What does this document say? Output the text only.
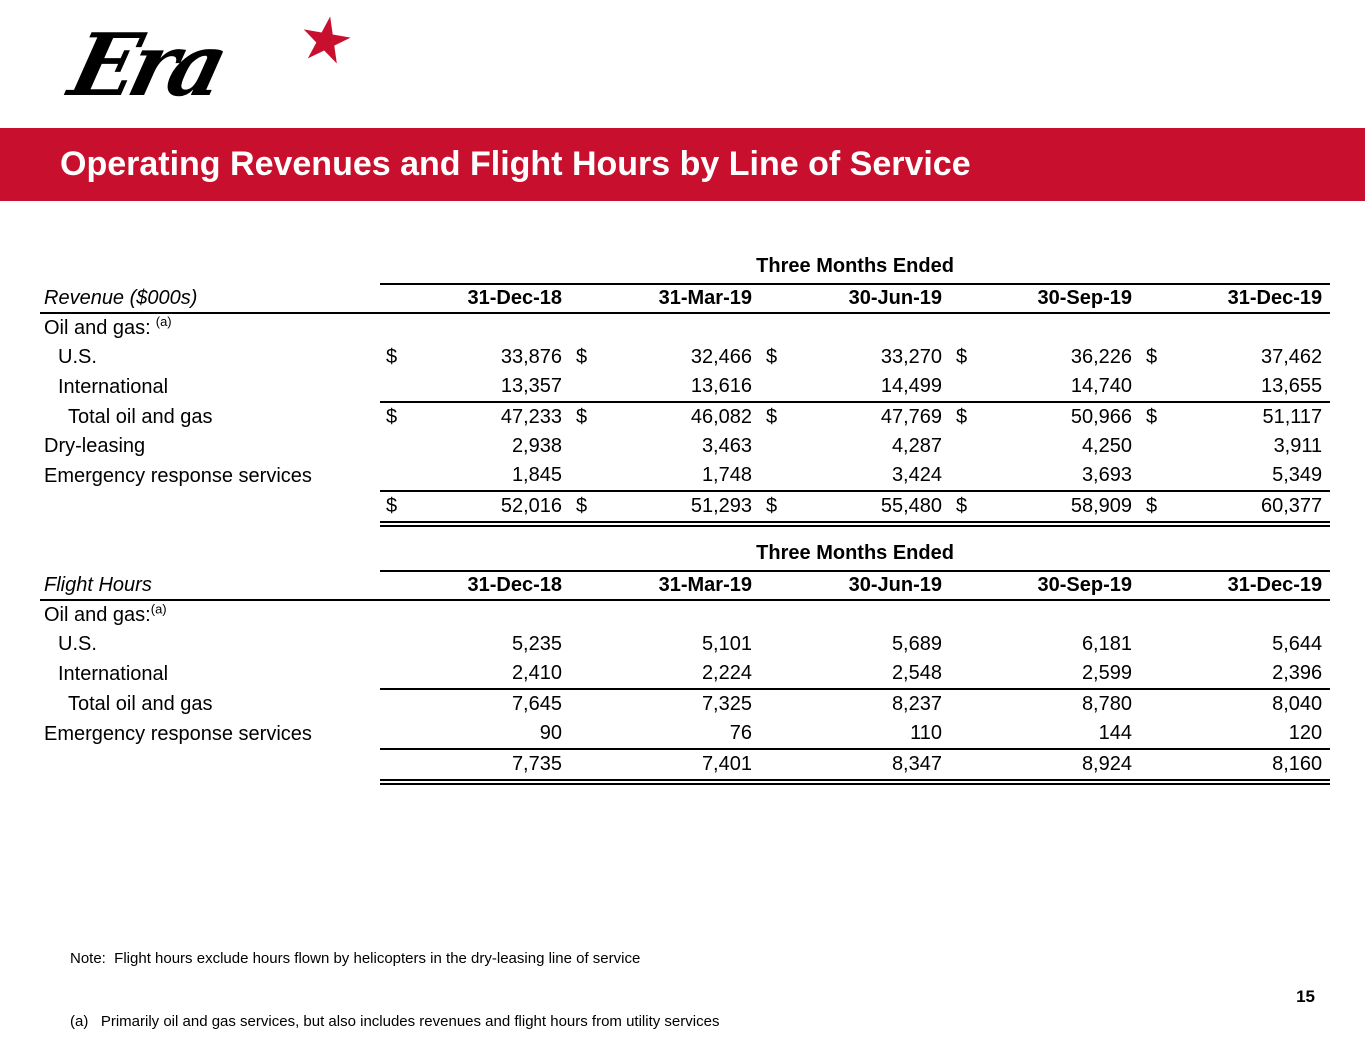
Era ★
Operating Revenues and Flight Hours by Line of Service
	Three Months Ended									
Revenue ($000s)	31-Dec-18		31-Mar-19		30-Jun-19		30-Sep-19		31-Dec-19	
Oil and gas: $^{(a)}$	
U.S.	$	33,876	$	32,466	$	33,270	$	36,226	$	37,462
International		13,357		13,616		14,499		14,740		13,655
Total oil and gas	$	47,233	$	46,082	$	47,769	$	50,966	$	51,117
Dry-leasing		2,938		3,463		4,287		4,250		3,911
Emergency response services		1,845		1,748		3,424		3,693		5,349
	$	52,016	$	51,293	$	55,480	$	58,909	$	60,377
	Three Months Ended									
Flight Hours	31-Dec-18		31-Mar-19		30-Jun-19		30-Sep-19		31-Dec-19	
Oil and gas:$^{(a)}$	
U.S.		5,235		5,101		5,689		6,181		5,644
International		2,410		2,224		2,548		2,599		2,396
Total oil and gas		7,645		7,325		8,237		8,780		8,040
Emergency response services		90		76		110		144		120
		7,735		7,401		8,347		8,924		8,160

Note:  Flight hours exclude hours flown by helicopters in the dry-leasing line of service

(a)   Primarily oil and gas services, but also includes revenues and flight hours from utility services

15
